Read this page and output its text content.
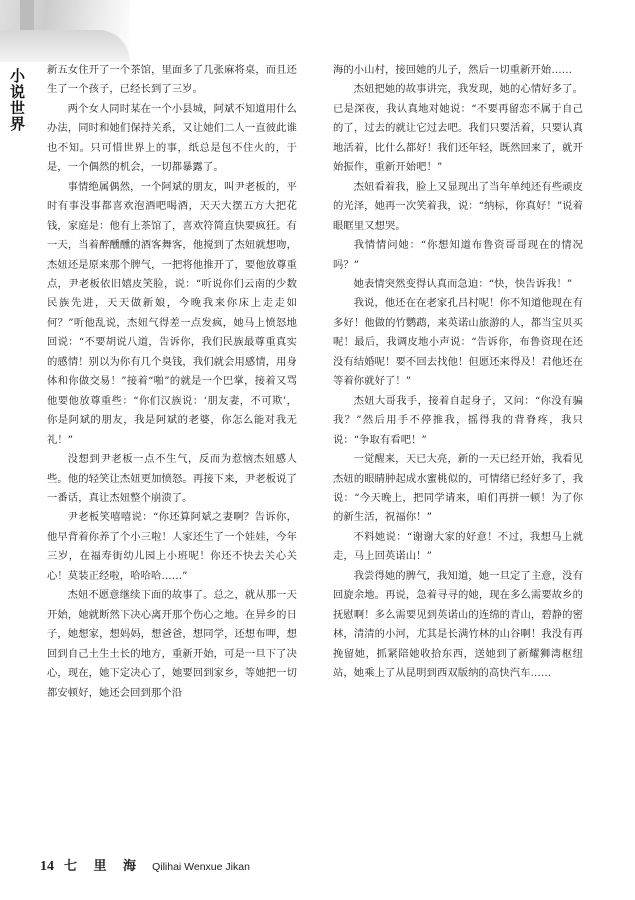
小说世界 新五女住开了一个茶馆，里面多了几张麻将桌，而且还生了一个孩子，已经长到了三岁。

两个女人同时某在一个小县城，阿斌不知道用什么办法，同时和她们保持关系，又让她们二人一直彼此谁也不知。只可惜世界上的事，纸总是包不住火的，于是，一个偶然的机会，一切都暴露了。

事情绝属偶然，一个阿斌的朋友，叫尹老板的，平时有事没事都喜欢泡酒吧喝酒，天天大摆五方大把花钱，家庭是：他有上茶馆了，喜欢符简直快要疯狂。有一天，当着醉醺醺的酒客舞客，他搅到了杰妞就想吻，杰妞还是原来那个脾气，一把将他推开了，要他放尊重点，尹老板依旧嬉皮笑脸，说：“听说你们云南的少数民族先进，天天做新娘，今晚我来你床上走走如何？”听他乱说，杰妞气得差一点发疯，她马上愤怒地回说：“不要胡说八道，告诉你，我们民族最尊重真实的感情！别以为你有几个臭钱，我们就会用感情，用身体和你做交易！”接着“啪”的就是一个巴掌，接着又骂他要他放尊重些：“你们汉族说：‘朋友妻，不可欺’，你是阿斌的朋友，我是阿斌的老婆，你怎么能对我无礼！”

没想到尹老板一点不生气，反而为惹恼杰妞感人些。他的轻笑让杰妞更加愤怒。再接下来，尹老板说了一番话，真让杰妞整个崩溃了。

尹老板笑嘻嘻说：“你还算阿斌之妻啊？告诉你，他早背着你养了个小三啦！人家还生了一个娃娃，今年三岁，在福寿街幼儿园上小班呢！你还不快去关心关心！莫装正经啦，哈哈哈……”

杰妞不愿意继续下面的故事了。总之，就从那一天开始，她就断然下决心离开那个伤心之地。在异乡的日子，她想家，想妈妈，想爸爸，想同学，还想布呷，想回到自己土生土长的地方，重新开始，可是一旦下了决心，现在，她下定决心了，她要回到家乡，等她把一切都安顿好，她还会回到那个沿

海的小山村，接回她的儿子，然后一切重新开始……

杰妞把她的故事讲完，我发现，她的心情好多了。已是深夜，我认真地对她说：“不要再留恋不属于自己的了，过去的就让它过去吧。我们只要活着，只要认真地活着，比什么都好！我们还年轻，既然回来了，就开始振作，重新开始吧！”

杰妞看着我，脸上又显现出了当年单纯还有些顽皮的光泽，她再一次笑着我，说：“纳标，你真好！”说着眼眶里又想哭。

我情情问她：“你想知道布鲁资哥哥现在的情况吗？”

她表情突然变得认真而急迫：“快，快告诉我！”

我说，他还在在老家孔吕村呢！你不知道他现在有多好！他做的竹鹦鹉，来英诺山旅游的人，都当宝贝买呢！最后，我调皮地小声说：“告诉你，布鲁资现在还没有结婚呢！要不回去找他！但愿还来得及！君他还在等着你就好了！”

杰妞大哥我手，接着自起身子，又问：“你没有骗我？”然后用手不停推我，摇得我的背脊疼，我只说：“争取有看吧！”

一觉醒来，天已大亮，新的一天已经开始，我看见杰妞的眼睛肿起成水蜜桃似的，可情绪已经好多了，我说：“今天晚上，把同学请来，咱们再拼一顿！为了你的新生活，祝福你！”

不料她说：“谢谢大家的好意！不过，我想马上就走，马上回英诺山！”

我尝得她的脾气，我知道，她一旦定了主意，没有回旋余地。再说，急着寻寻的她，现在多么需要故乡的抚慰啊！多么需要见到英诺山的连绵的青山，碧静的密林，清清的小河，尤其是长满竹林的山谷啊！我没有再挽留她，抓紧陪她收拾东西，送她到了新耀狮湾枢纽站，她乘上了从昆明到西双版纳的高快汽车……

14 七 里 海 Qilihai Wenxue Jikan
